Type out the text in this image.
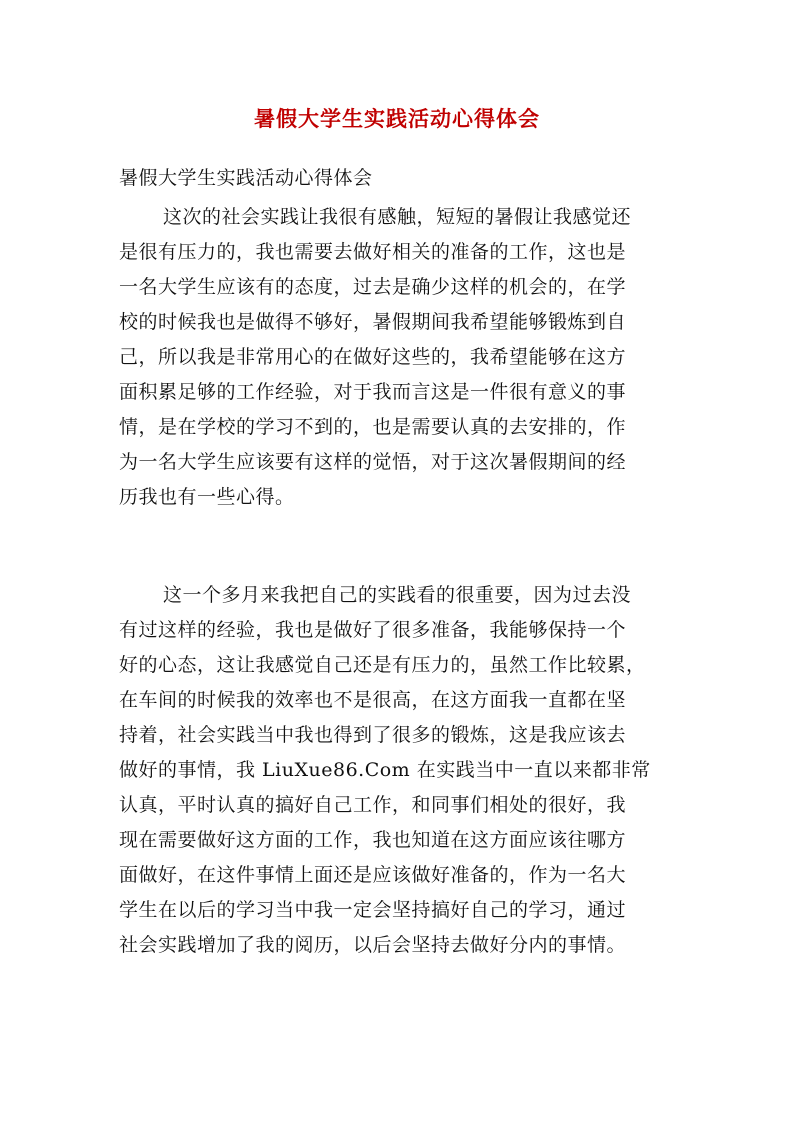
暑假大学生实践活动心得体会
暑假大学生实践活动心得体会
这次的社会实践让我很有感触，短短的暑假让我感觉还
是很有压力的，我也需要去做好相关的准备的工作，这也是
一名大学生应该有的态度，过去是确少这样的机会的，在学
校的时候我也是做得不够好，暑假期间我希望能够锻炼到自
己，所以我是非常用心的在做好这些的，我希望能够在这方
面积累足够的工作经验，对于我而言这是一件很有意义的事
情，是在学校的学习不到的，也是需要认真的去安排的，作
为一名大学生应该要有这样的觉悟，对于这次暑假期间的经
历我也有一些心得。
这一个多月来我把自己的实践看的很重要，因为过去没
有过这样的经验，我也是做好了很多准备，我能够保持一个
好的心态，这让我感觉自己还是有压力的，虽然工作比较累，
在车间的时候我的效率也不是很高，在这方面我一直都在坚
持着，社会实践当中我也得到了很多的锻炼，这是我应该去
做好的事情，我 LiuXue86.Com 在实践当中一直以来都非常
认真，平时认真的搞好自己工作，和同事们相处的很好，我
现在需要做好这方面的工作，我也知道在这方面应该往哪方
面做好，在这件事情上面还是应该做好准备的，作为一名大
学生在以后的学习当中我一定会坚持搞好自己的学习，通过
社会实践增加了我的阅历，以后会坚持去做好分内的事情。
